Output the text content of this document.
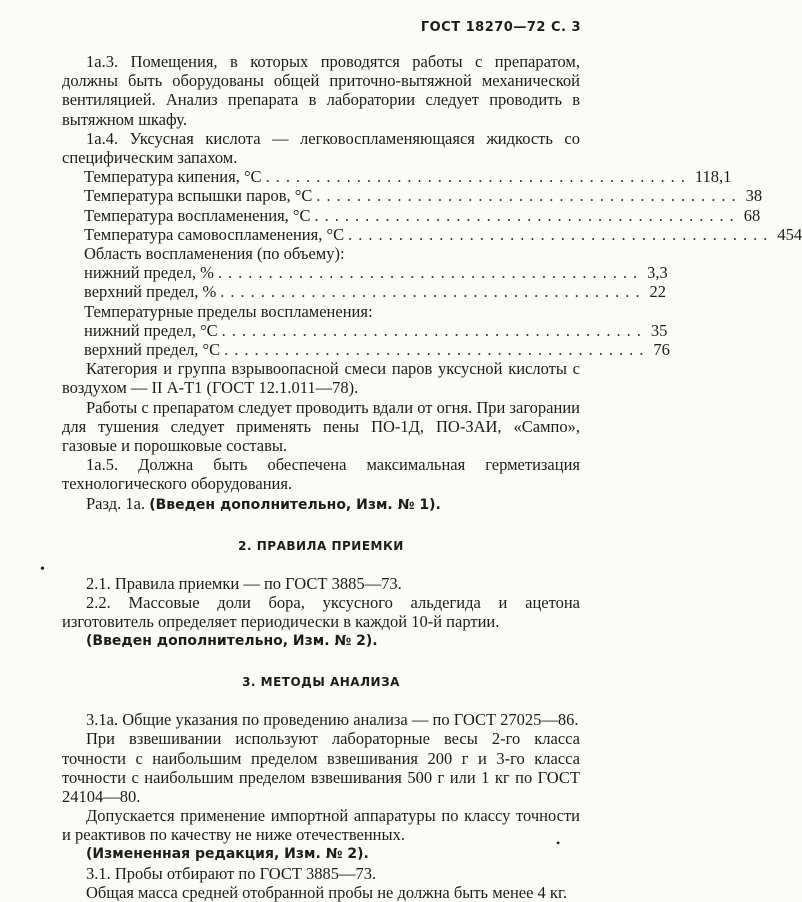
ГОСТ 18270—72 С. 3

1а.3. Помещения, в которых проводятся работы с препаратом, должны быть оборудованы общей приточно-вытяжной механической вентиляцией. Анализ препарата в лаборатории следует проводить в вытяжном шкафу.

1а.4. Уксусная кислота — легковоспламеняющаяся жидкость со специфическим запахом.

Температура кипения, °С .......................................... 118,1
Температура вспышки паров, °С .......................................... 38
Температура воспламенения, °С .......................................... 68
Температура самовоспламенения, °С .......................................... 454
Область воспламенения (по объему):
нижний предел, % .......................................... 3,3
верхний предел, % .......................................... 22
Температурные пределы воспламенения:
нижний предел, °С .......................................... 35
верхний предел, °С .......................................... 76

Категория и группа взрывоопасной смеси паров уксусной кислоты с воздухом — II А-Т1 (ГОСТ 12.1.011—78).

Работы с препаратом следует проводить вдали от огня. При загорании для тушения следует применять пены ПО-1Д, ПО-ЗАИ, «Сампо», газовые и порошковые составы.

1а.5. Должна быть обеспечена максимальная герметизация технологического оборудования.

Разд. 1а. (Введен дополнительно, Изм. № 1).

2. ПРАВИЛА ПРИЕМКИ

2.1. Правила приемки — по ГОСТ 3885—73.

2.2. Массовые доли бора, уксусного альдегида и ацетона изготовитель определяет периодически в каждой 10-й партии.

(Введен дополнительно, Изм. № 2).

3. МЕТОДЫ АНАЛИЗА

3.1а. Общие указания по проведению анализа — по ГОСТ 27025—86.

При взвешивании используют лабораторные весы 2-го класса точности с наибольшим пределом взвешивания 200 г и 3-го класса точности с наибольшим пределом взвешивания 500 г или 1 кг по ГОСТ 24104—80.

Допускается применение импортной аппаратуры по классу точности и реактивов по качеству не ниже отечественных.

(Измененная редакция, Изм. № 2).

3.1. Пробы отбирают по ГОСТ 3885—73.

Общая масса средней отобранной пробы не должна быть менее 4 кг.

•
•
